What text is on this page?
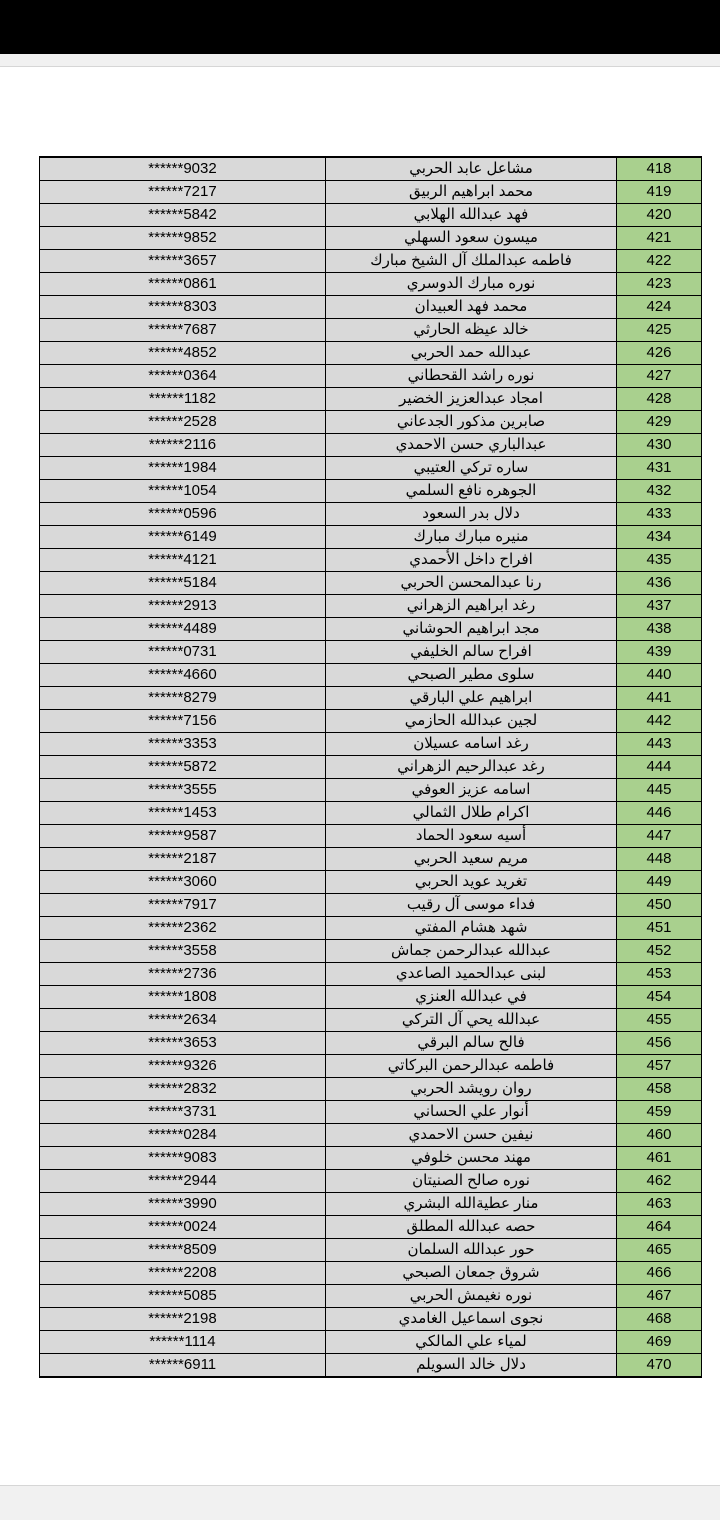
******9032	مشاعل عابد الحربي	418
******7217	محمد ابراهيم الربيق	419
******5842	فهد عبدالله الهلابي	420
******9852	ميسون سعود السهلي	421
******3657	فاطمه عبدالملك آل الشيخ مبارك	422
******0861	نوره مبارك الدوسري	423
******8303	محمد فهد العبيدان	424
******7687	خالد عيظه الحارثي	425
******4852	عبدالله حمد الحربي	426
******0364	نوره راشد القحطاني	427
******1182	امجاد عبدالعزيز الخضير	428
******2528	صابرين مذكور الجدعاني	429
******2116	عبدالباري حسن الاحمدي	430
******1984	ساره تركي العتيبي	431
******1054	الجوهره نافع السلمي	432
******0596	دلال بدر السعود	433
******6149	منيره مبارك مبارك	434
******4121	افراح داخل الأحمدي	435
******5184	رنا عبدالمحسن الحربي	436
******2913	رغد ابراهيم الزهراني	437
******4489	مجد ابراهيم الحوشاني	438
******0731	افراح سالم الخليفي	439
******4660	سلوى مطير الصبحي	440
******8279	ابراهيم علي البارقي	441
******7156	لجين عبدالله الحازمي	442
******3353	رغد اسامه عسيلان	443
******5872	رغد عبدالرحيم الزهراني	444
******3555	اسامه عزيز العوفي	445
******1453	اكرام طلال الثمالي	446
******9587	أسيه سعود الحماد	447
******2187	مريم سعيد الحربي	448
******3060	تغريد عويد الحربي	449
******7917	فداء موسى آل رقيب	450
******2362	شهد هشام المفتي	451
******3558	عبدالله عبدالرحمن جماش	452
******2736	لبنى عبدالحميد الصاعدي	453
******1808	في عبدالله العنزي	454
******2634	عبدالله يحي آل التركي	455
******3653	فالح سالم البرقي	456
******9326	فاطمه عبدالرحمن البركاتي	457
******2832	روان رويشد الحربي	458
******3731	أنوار علي الحساني	459
******0284	نيفين حسن الاحمدي	460
******9083	مهند محسن خلوفي	461
******2944	نوره صالح الصنيتان	462
******3990	منار عطيةالله البشري	463
******0024	حصه عبدالله المطلق	464
******8509	حور عبدالله السلمان	465
******2208	شروق جمعان الصبحي	466
******5085	نوره نغيمش الحربي	467
******2198	نجوى اسماعيل الغامدي	468
******1114	لمياء علي المالكي	469
******6911	دلال خالد السويلم	470
